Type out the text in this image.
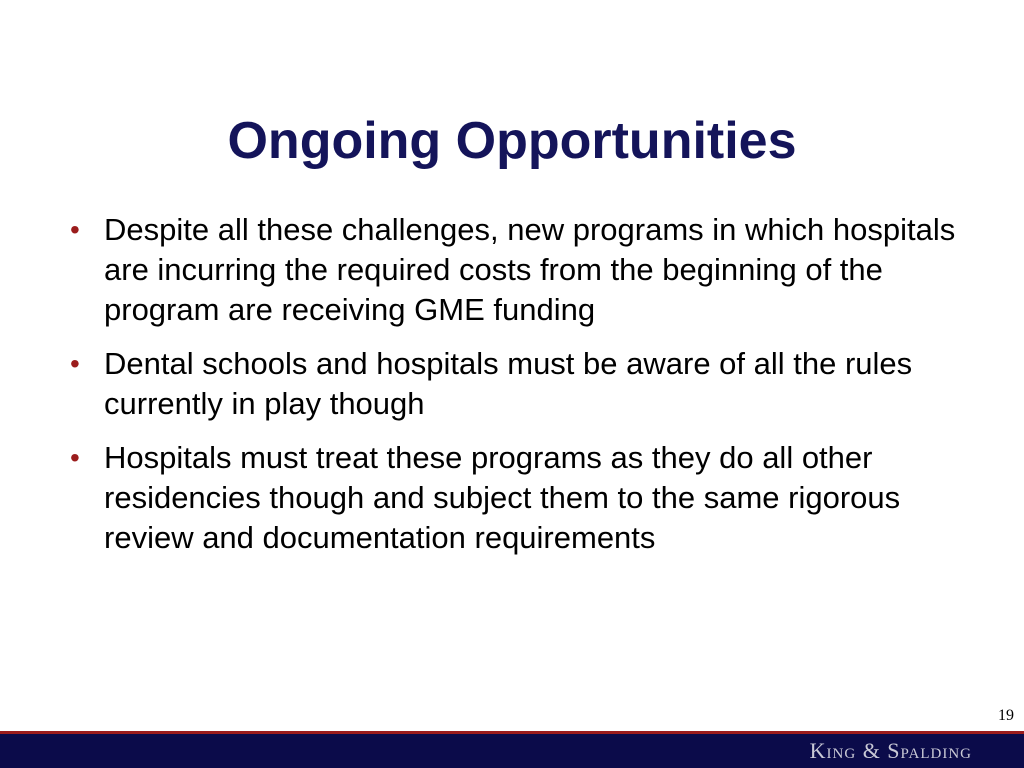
Ongoing Opportunities
• Despite all these challenges, new programs in which hospitals are incurring the required costs from the beginning of the program are receiving GME funding
• Dental schools and hospitals must be aware of all the rules currently in play though
• Hospitals must treat these programs as they do all other residencies though and subject them to the same rigorous review and documentation requirements
19
King & Spalding
